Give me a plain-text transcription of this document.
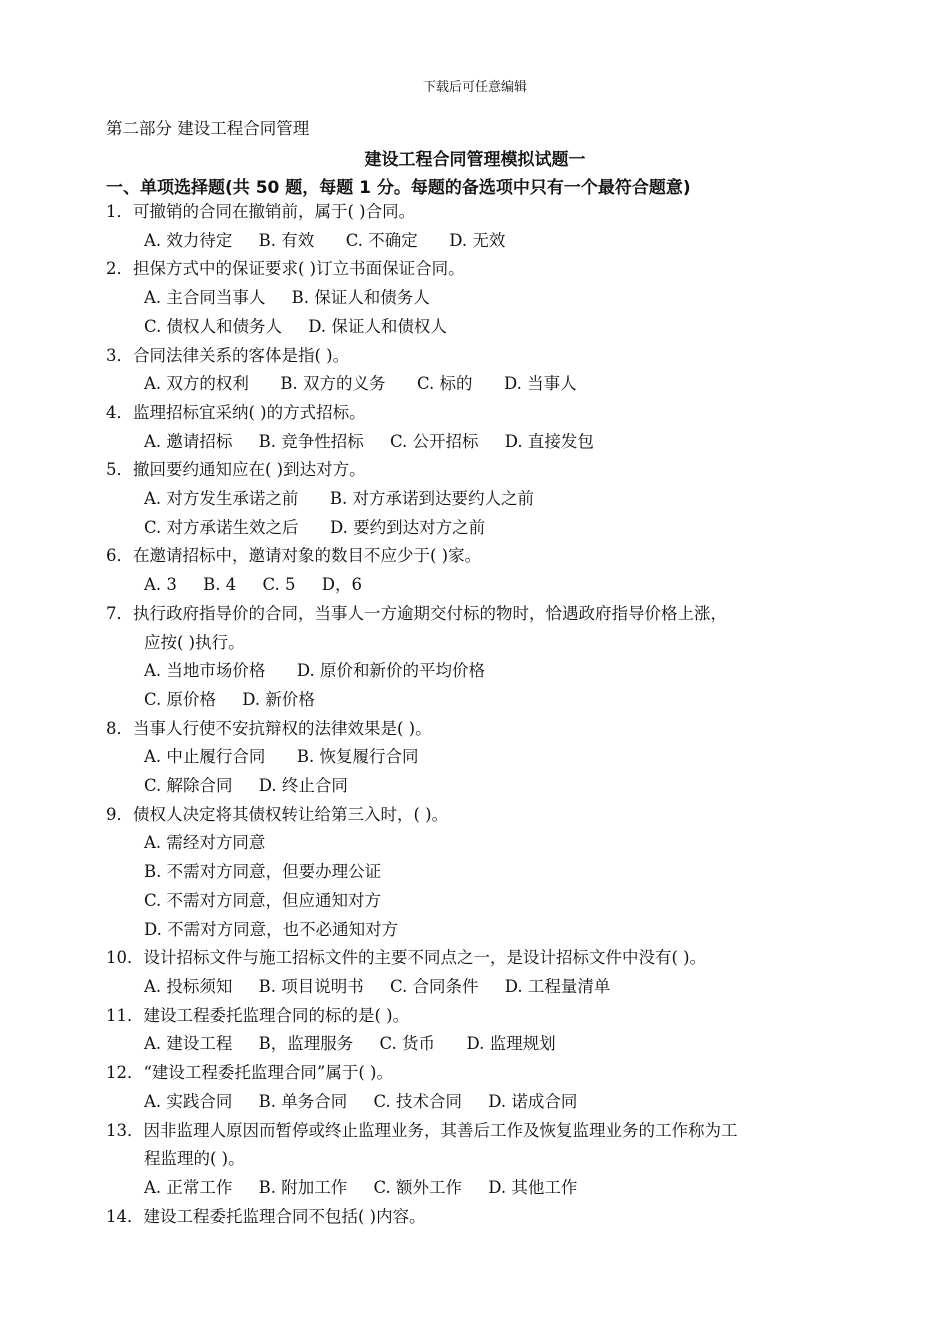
下载后可任意编辑
第二部分 建设工程合同管理
建设工程合同管理模拟试题一
一、单项选择题(共 50 题，每题 1 分。每题的备选项中只有一个最符合题意)
1． 可撤销的合同在撤销前，属于( )合同。
A. 效力待定     B. 有效      C. 不确定      D. 无效
2． 担保方式中的保证要求( )订立书面保证合同。
A. 主合同当事人     B. 保证人和债务人
C. 债权人和债务人     D. 保证人和债权人
3． 合同法律关系的客体是指( )。
A. 双方的权利      B. 双方的义务      C. 标的      D. 当事人
4． 监理招标宜采纳( )的方式招标。
A. 邀请招标     B. 竞争性招标     C. 公开招标     D. 直接发包
5． 撤回要约通知应在( )到达对方。
A. 对方发生承诺之前      B. 对方承诺到达要约人之前
C. 对方承诺生效之后      D. 要约到达对方之前
6． 在邀请招标中，邀请对象的数目不应少于( )家。
A. 3     B. 4     C. 5     D，6
7． 执行政府指导价的合同，当事人一方逾期交付标的物时，恰遇政府指导价格上涨，
应按( )执行。
A. 当地市场价格      D. 原价和新价的平均价格
C. 原价格     D. 新价格
8． 当事人行使不安抗辩权的法律效果是( )。
A. 中止履行合同      B. 恢复履行合同
C. 解除合同     D. 终止合同
9． 债权人决定将其债权转让给第三入时，( )。
A. 需经对方同意
B. 不需对方同意，但要办理公证
C. 不需对方同意，但应通知对方
D. 不需对方同意，也不必通知对方
10． 设计招标文件与施工招标文件的主要不同点之一，是设计招标文件中没有( )。
A. 投标须知     B. 项目说明书     C. 合同条件     D. 工程量清单
11． 建设工程委托监理合同的标的是( )。
A. 建设工程     B，监理服务     C. 货币      D. 监理规划
12． “建设工程委托监理合同”属于( )。
A. 实践合同     B. 单务合同     C. 技术合同     D. 诺成合同
13． 因非监理人原因而暂停或终止监理业务，其善后工作及恢复监理业务的工作称为工
程监理的( )。
A. 正常工作     B. 附加工作     C. 额外工作     D. 其他工作
14． 建设工程委托监理合同不包括( )内容。
